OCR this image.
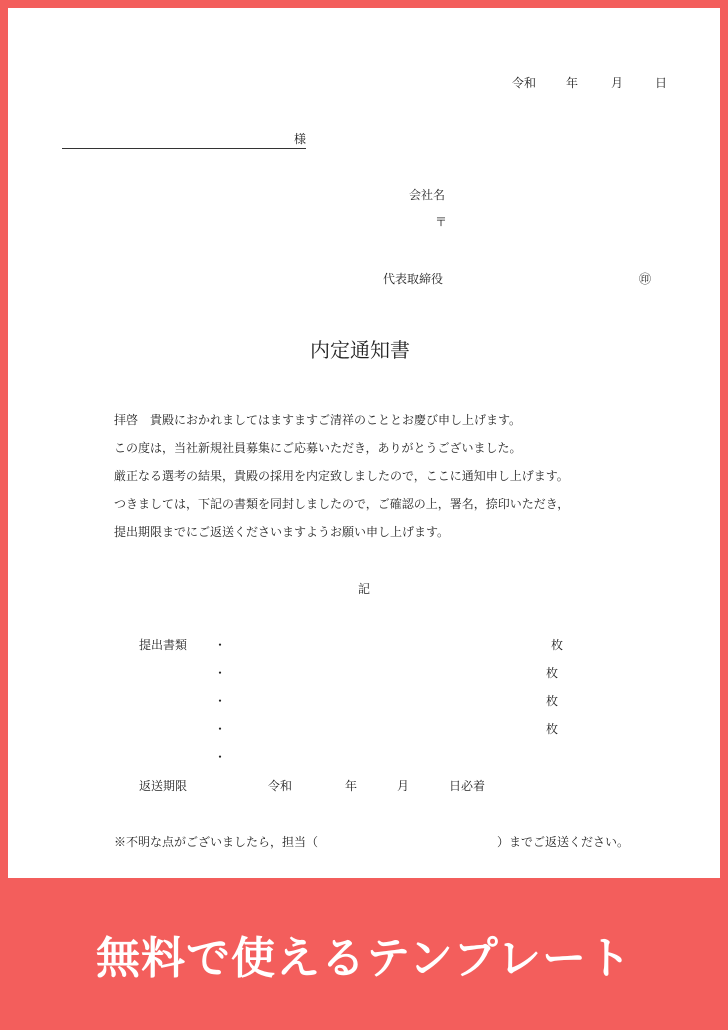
令和 年	月	日
様
会社名
〒
代表取締役	㊞
内定通知書
拝啓　貴殿におかれましてはますますご清祥のこととお慶び申し上げます。
この度は，当社新規社員募集にご応募いただき，ありがとうございました。
厳正なる選考の結果，貴殿の採用を内定致しましたので，ここに通知申し上げます。
つきましては，下記の書類を同封しましたので，ご確認の上，署名，捺印いただき，
提出期限までにご返送くださいますようお願い申し上げます。
記
提出書類 ・	枚
・	枚
・	枚
・	枚
・
返送期限	令和	年	月	日必着
※不明な点がございましたら，担当（	）までご返送ください。
無料で使えるテンプレート
